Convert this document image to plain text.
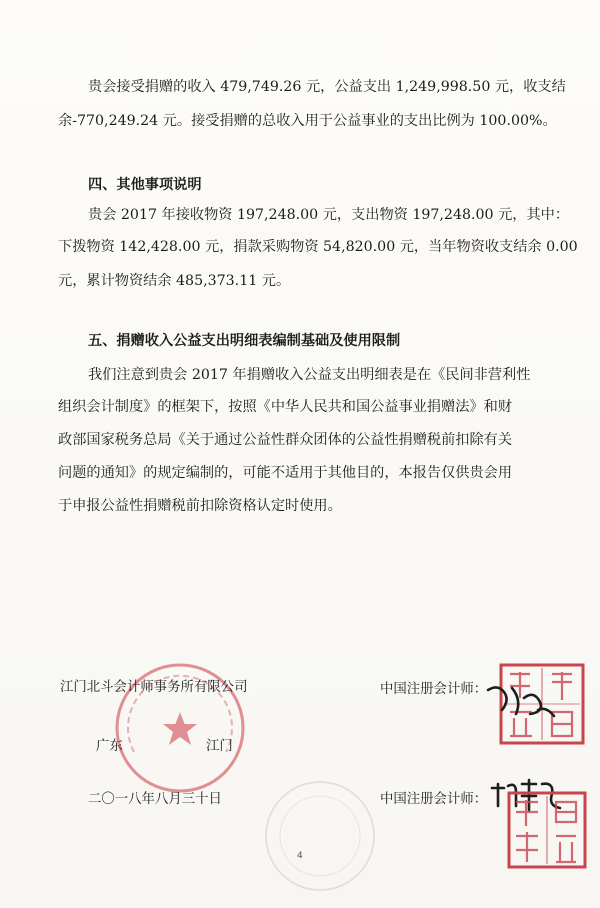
贵会接受捐赠的收入 479,749.26 元，公益支出 1,249,998.50 元，收支结
余-770,249.24 元。接受捐赠的总收入用于公益事业的支出比例为 100.00%。
四、其他事项说明
贵会 2017 年接收物资 197,248.00 元，支出物资 197,248.00 元，其中：
下拨物资 142,428.00 元，捐款采购物资 54,820.00 元，当年物资收支结余 0.00
元，累计物资结余 485,373.11 元。
五、捐赠收入公益支出明细表编制基础及使用限制
我们注意到贵会 2017 年捐赠收入公益支出明细表是在《民间非营利性
组织会计制度》的框架下，按照《中华人民共和国公益事业捐赠法》和财
政部国家税务总局《关于通过公益性群众团体的公益性捐赠税前扣除有关
问题的通知》的规定编制的，可能不适用于其他目的，本报告仅供贵会用
于申报公益性捐赠税前扣除资格认定时使用。
江门北斗会计师事务所有限公司	中国注册会计师：
广东	江门
二〇一八年八月三十日	中国注册会计师：
4
